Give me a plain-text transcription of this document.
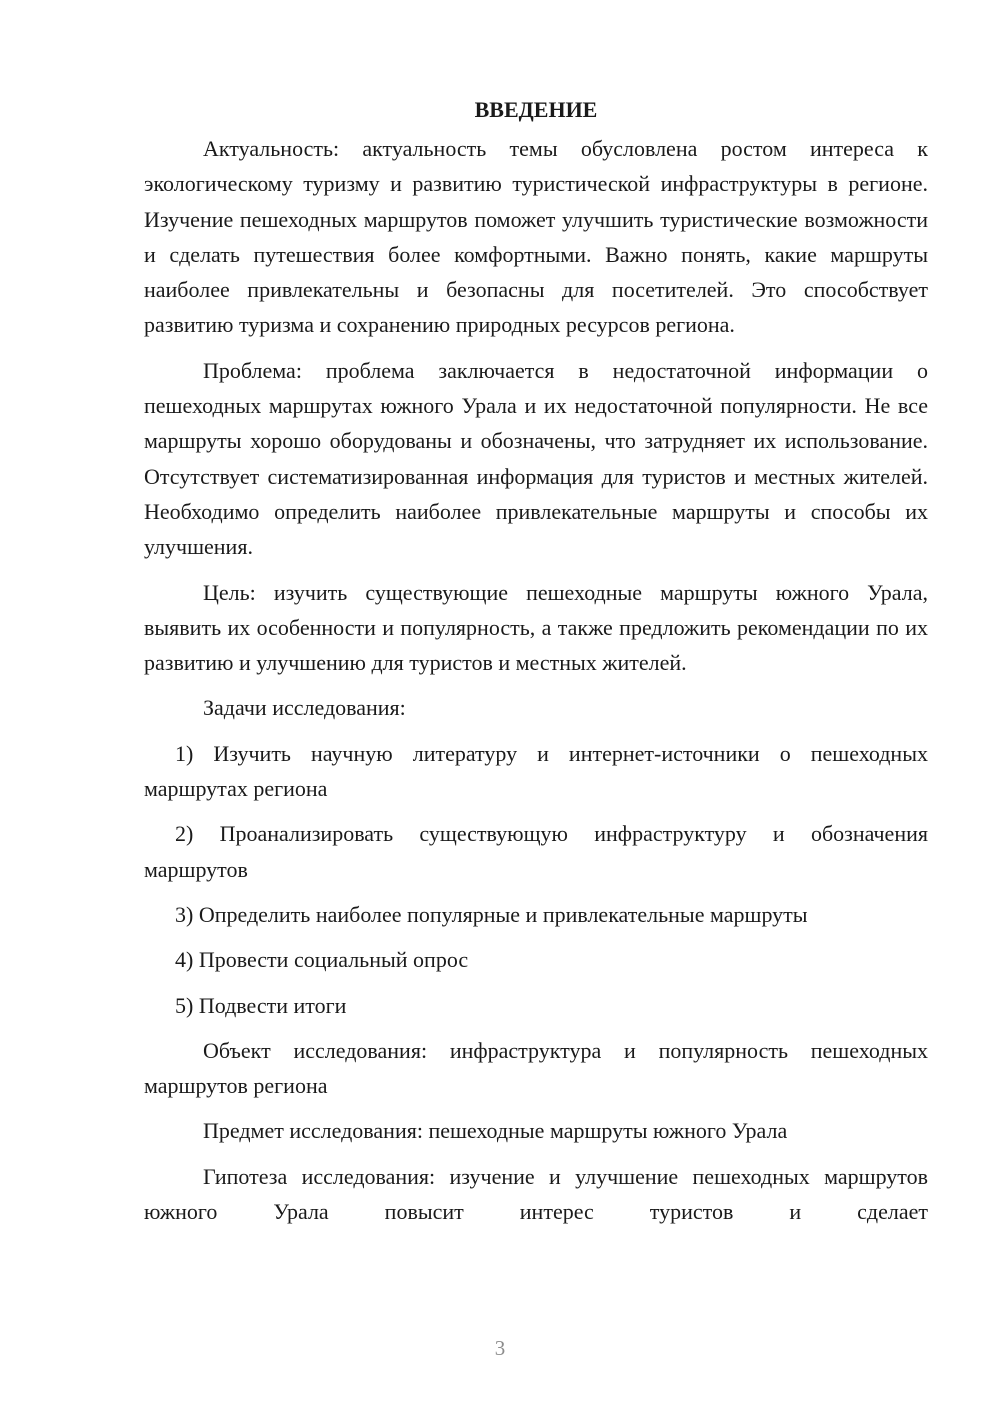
ВВЕДЕНИЕ

Актуальность: актуальность темы обусловлена ростом интереса к экологическому туризму и развитию туристической инфраструктуры в регионе. Изучение пешеходных маршрутов поможет улучшить туристические возможности и сделать путешествия более комфортными. Важно понять, какие маршруты наиболее привлекательны и безопасны для посетителей. Это способствует развитию туризма и сохранению природных ресурсов региона.

Проблема: проблема заключается в недостаточной информации о пешеходных маршрутах южного Урала и их недостаточной популярности. Не все маршруты хорошо оборудованы и обозначены, что затрудняет их использование. Отсутствует систематизированная информация для туристов и местных жителей. Необходимо определить наиболее привлекательные маршруты и способы их улучшения.

Цель: изучить существующие пешеходные маршруты южного Урала, выявить их особенности и популярность, а также предложить рекомендации по их развитию и улучшению для туристов и местных жителей.

Задачи исследования:

1) Изучить научную литературу и интернет-источники о пешеходных маршрутах региона

2) Проанализировать существующую инфраструктуру и обозначения маршрутов

3) Определить наиболее популярные и привлекательные маршруты

4) Провести социальный опрос

5) Подвести итоги

Объект исследования: инфраструктура и популярность пешеходных маршрутов региона

Предмет исследования: пешеходные маршруты южного Урала

Гипотеза исследования: изучение и улучшение пешеходных маршрутов южного Урала повысит интерес туристов и сделает

3
